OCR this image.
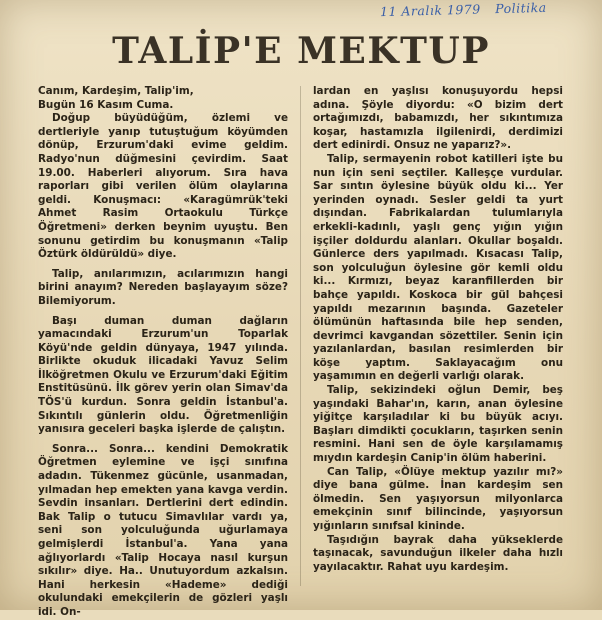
11 Aralık 1979 Politika
TALİP'E MEKTUP

Canım, Kardeşim, Talip'im,

Bugün 16 Kasım Cuma.

Doğup büyüdüğüm, özlemi ve dertleriyle yanıp tutuştuğum köyümden dönüp, Erzurum'daki evime geldim. Radyo'nun düğmesini çevirdim. Saat 19.00. Haberleri alıyorum. Sıra hava raporları gibi verilen ölüm olaylarına geldi. Konuşmacı: «Karagümrük'teki Ahmet Rasim Ortaokulu Türkçe Öğretmeni» derken beynim uyuştu. Ben sonunu getirdim bu konuşmanın «Talip Öztürk öldürüldü» diye.

Talip, anılarımızın, acılarımızın hangi birini anayım? Nereden başlayayım söze? Bilemiyorum.

Başı duman duman dağların yamacındaki Erzurum'un Toparlak Köyü'nde geldin dünyaya, 1947 yılında. Birlikte okuduk ilicadaki Yavuz Selim İlköğretmen Okulu ve Erzurum'daki Eğitim Enstitüsünü. İlk görev yerin olan Simav'da TÖS'ü kurdun. Sonra geldin İstanbul'a. Sıkıntılı günlerin oldu. Öğretmenliğin yanısıra geceleri başka işlerde de çalıştın.

Sonra... Sonra... kendini Demokratik Öğretmen eylemine ve işçi sınıfına adadın. Tükenmez gücünle, usanmadan, yılmadan hep emekten yana kavga verdin. Sevdin insanları. Dertlerini dert edindin. Bak Talip o tutucu Simavlılar vardı ya, seni son yolculuğunda uğurlamaya gelmişlerdi İstanbul'a. Yana yana ağlıyorlardı «Talip Hocaya nasıl kurşun sıkılır» diye. Ha.. Unutuyordum azkalsın. Hani herkesin «Hademe» dediği okulundaki emekçilerin de gözleri yaşlı idi. On-

lardan en yaşlısı konuşuyordu hepsi adına. Şöyle diyordu: «O bizim dert ortağımızdı, babamızdı, her sıkıntımıza koşar, hastamızla ilgilenirdi, derdimizi dert edinirdi. Onsuz ne yaparız?».

Talip, sermayenin robot katilleri işte bu nun için seni seçtiler. Kalleşçe vurdular. Sar sıntın öylesine büyük oldu ki... Yer yerinden oynadı. Sesler geldi ta yurt dışından. Fabrikalardan tulumlarıyla erkekli-kadınlı, yaşlı genç yığın yığın işçiler doldurdu alanları. Okullar boşaldı. Günlerce ders yapılmadı. Kısacası Talip, son yolculuğun öylesine gör kemli oldu ki... Kırmızı, beyaz karanfillerden bir bahçe yapıldı. Koskoca bir gül bahçesi yapıldı mezarının başında. Gazeteler ölümünün haftasında bile hep senden, devrimci kavgandan sözettiler. Senin için yazılanlardan, basılan resimlerden bir köşe yaptım. Saklayacağım onu yaşamımın en değerli varlığı olarak.

Talip, sekizindeki oğlun Demir, beş yaşındaki Bahar'ın, karın, anan öylesine yiğitçe karşıladılar ki bu büyük acıyı. Başları dimdikti çocukların, taşırken senin resmini. Hani sen de öyle karşılamamış mıydın kardeşin Canip'in ölüm haberini.

Can Talip, «Ölüye mektup yazılır mı?» diye bana gülme. İnan kardeşim sen ölmedin. Sen yaşıyorsun milyonlarca emekçinin sınıf bilincinde, yaşıyorsun yığınların sınıfsal kininde.

Taşıdığın bayrak daha yükseklerde taşınacak, savunduğun ilkeler daha hızlı yayılacaktır. Rahat uyu kardeşim.
